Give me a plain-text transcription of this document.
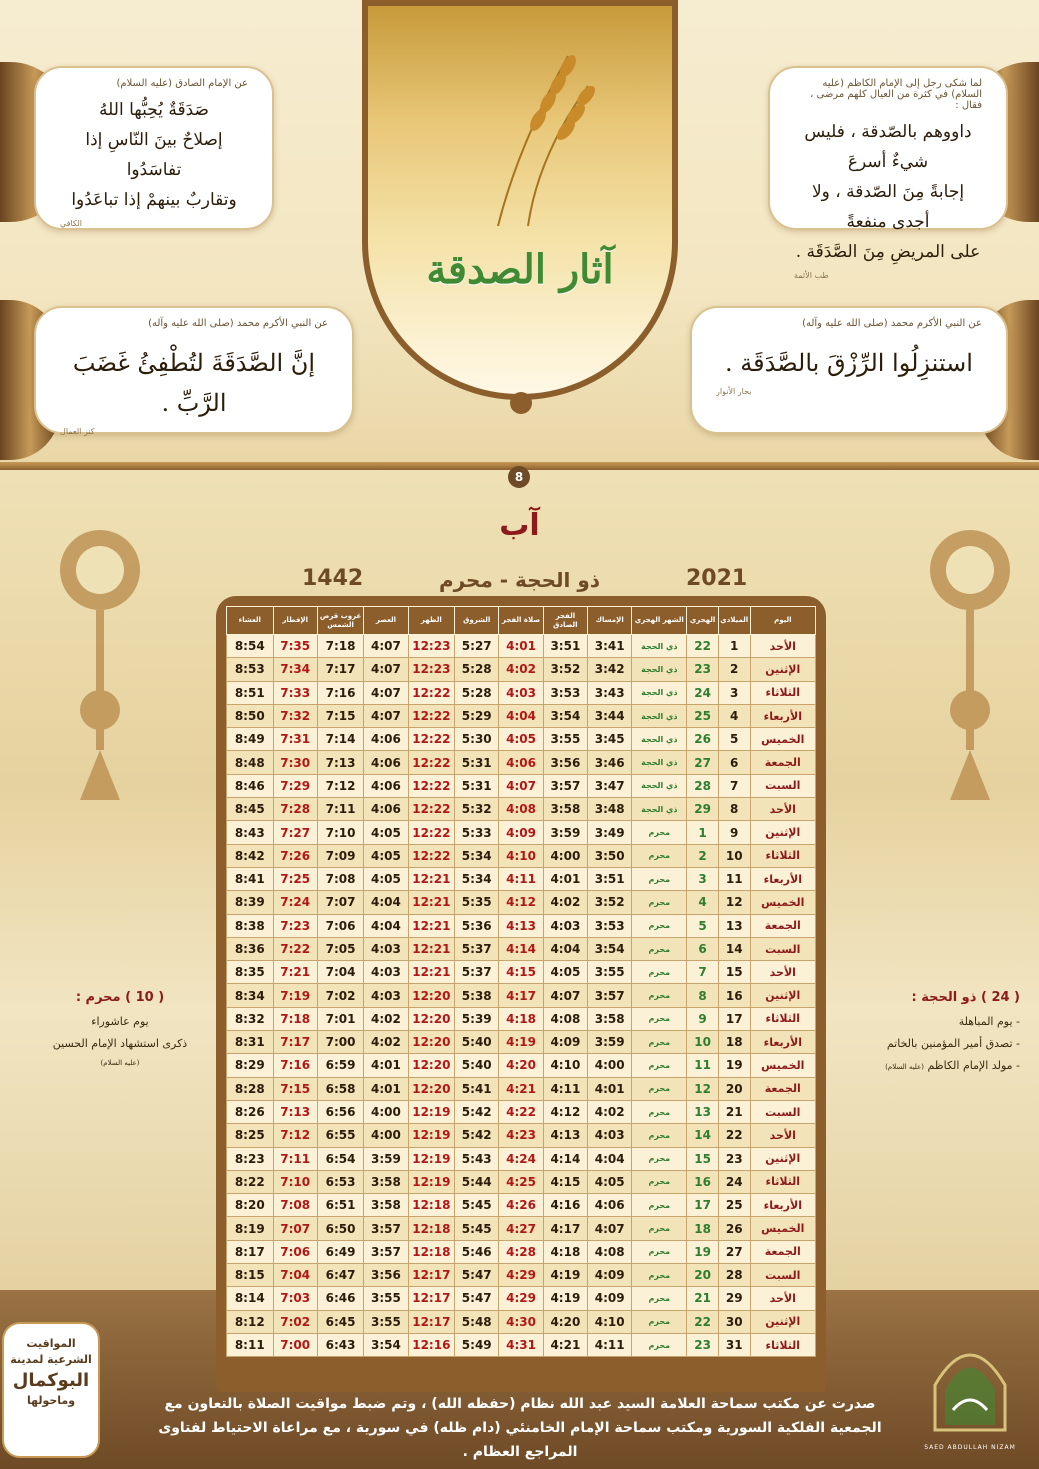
لما شكى رجل إلى الإمام الكاظم (عليه السلام) في كثرة من العيال كلهم مرضى ، فقال :
داووهم بالصّدقة ، فليس شيءٌ أسرعَ
إجابةً مِنَ الصّدقة ، ولا أجدى منفعةً
على المريضِ مِنَ الصَّدَقَة .
طب الأئمة
عن الإمام الصادق (عليه السلام)
صَدَقَةٌ يُحِبُّها اللهُ
إصلاحٌ بينَ النّاسِ إذا تفاسَدُوا
وتقاربٌ بينهمْ إذا تباعَدُوا
الكافي
عن النبي الأكرم محمد (صلى الله عليه وآله)
استنزِلُوا الرِّزْقَ بالصَّدَقَة .
بحار الأنوار
عن النبي الأكرم محمد (صلى الله عليه وآله)
إنَّ الصَّدَقَةَ لتُطْفِئُ غَضَبَ الرَّبِّ .
كنز العمال
آثار الصدقة
8
آب
2021
1442	ذو الحجة - محرم
اليوم	الميلادي	الهجري	الشهر الهجري	الإمساك	الفجر الصادق	صلاة الفجر	الشروق	الظهر	العصر	غروب قرص الشمس	الإفطار	العشاء
الأحد	1	22	ذي الحجة	3:41	3:51	4:01	5:27	12:23	4:07	7:18	7:35	8:54
الإثنين	2	23	ذي الحجة	3:42	3:52	4:02	5:28	12:23	4:07	7:17	7:34	8:53
الثلاثاء	3	24	ذي الحجة	3:43	3:53	4:03	5:28	12:22	4:07	7:16	7:33	8:51
الأربعاء	4	25	ذي الحجة	3:44	3:54	4:04	5:29	12:22	4:07	7:15	7:32	8:50
الخميس	5	26	ذي الحجة	3:45	3:55	4:05	5:30	12:22	4:06	7:14	7:31	8:49
الجمعة	6	27	ذي الحجة	3:46	3:56	4:06	5:31	12:22	4:06	7:13	7:30	8:48
السبت	7	28	ذي الحجة	3:47	3:57	4:07	5:31	12:22	4:06	7:12	7:29	8:46
الأحد	8	29	ذي الحجة	3:48	3:58	4:08	5:32	12:22	4:06	7:11	7:28	8:45
الإثنين	9	1	محرم	3:49	3:59	4:09	5:33	12:22	4:05	7:10	7:27	8:43
الثلاثاء	10	2	محرم	3:50	4:00	4:10	5:34	12:22	4:05	7:09	7:26	8:42
الأربعاء	11	3	محرم	3:51	4:01	4:11	5:34	12:21	4:05	7:08	7:25	8:41
الخميس	12	4	محرم	3:52	4:02	4:12	5:35	12:21	4:04	7:07	7:24	8:39
الجمعة	13	5	محرم	3:53	4:03	4:13	5:36	12:21	4:04	7:06	7:23	8:38
السبت	14	6	محرم	3:54	4:04	4:14	5:37	12:21	4:03	7:05	7:22	8:36
الأحد	15	7	محرم	3:55	4:05	4:15	5:37	12:21	4:03	7:04	7:21	8:35
الإثنين	16	8	محرم	3:57	4:07	4:17	5:38	12:20	4:03	7:02	7:19	8:34
الثلاثاء	17	9	محرم	3:58	4:08	4:18	5:39	12:20	4:02	7:01	7:18	8:32
الأربعاء	18	10	محرم	3:59	4:09	4:19	5:40	12:20	4:02	7:00	7:17	8:31
الخميس	19	11	محرم	4:00	4:10	4:20	5:40	12:20	4:01	6:59	7:16	8:29
الجمعة	20	12	محرم	4:01	4:11	4:21	5:41	12:20	4:01	6:58	7:15	8:28
السبت	21	13	محرم	4:02	4:12	4:22	5:42	12:19	4:00	6:56	7:13	8:26
الأحد	22	14	محرم	4:03	4:13	4:23	5:42	12:19	4:00	6:55	7:12	8:25
الإثنين	23	15	محرم	4:04	4:14	4:24	5:43	12:19	3:59	6:54	7:11	8:23
الثلاثاء	24	16	محرم	4:05	4:15	4:25	5:44	12:19	3:58	6:53	7:10	8:22
الأربعاء	25	17	محرم	4:06	4:16	4:26	5:45	12:18	3:58	6:51	7:08	8:20
الخميس	26	18	محرم	4:07	4:17	4:27	5:45	12:18	3:57	6:50	7:07	8:19
الجمعة	27	19	محرم	4:08	4:18	4:28	5:46	12:18	3:57	6:49	7:06	8:17
السبت	28	20	محرم	4:09	4:19	4:29	5:47	12:17	3:56	6:47	7:04	8:15
الأحد	29	21	محرم	4:09	4:19	4:29	5:47	12:17	3:55	6:46	7:03	8:14
الإثنين	30	22	محرم	4:10	4:20	4:30	5:48	12:17	3:55	6:45	7:02	8:12
الثلاثاء	31	23	محرم	4:11	4:21	4:31	5:49	12:16	3:54	6:43	7:00	8:11
( 24 ) ذو الحجة :
- يوم المباهلة
- تصدق أمير المؤمنين بالخاتم
- مولد الإمام الكاظم (عليه السلام)
( 10 ) محرم :
يوم عاشوراء
ذكرى استشهاد الإمام الحسين
(عليه السلام)
المواقيت
الشرعية لمدينة
البوكمال
وماحولها	صدرت عن مكتب سماحة العلامة السيد عبد الله نظام (حفظه الله) ، وتم ضبط مواقيت الصلاة بالتعاون مع
الجمعية الفلكية السورية ومكتب سماحة الإمام الخامنئي (دام ظله) في سورية ، مع مراعاة الاحتياط لفتاوى المراجع العظام .	SAED ABDULLAH NIZAM
